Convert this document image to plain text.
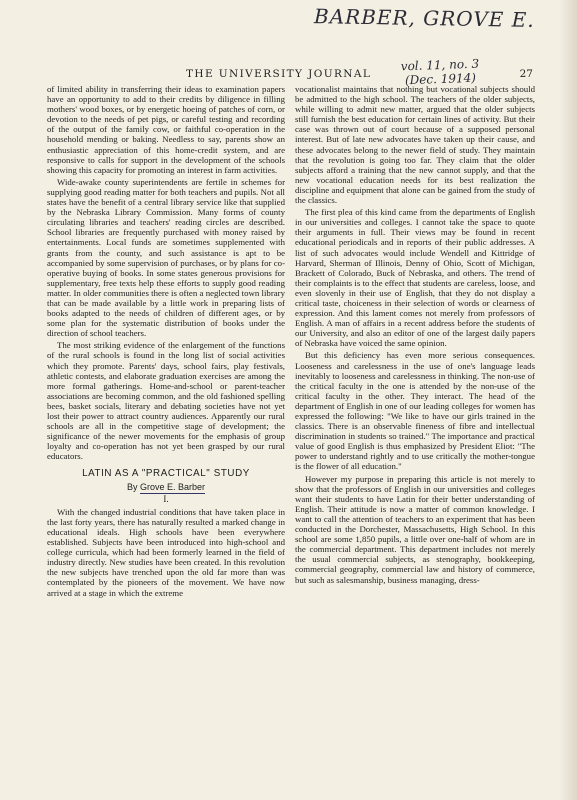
BARBER, GROVE E.
vol. 11, no. 3
(Dec. 1914)
THE UNIVERSITY JOURNAL	27

of limited ability in transferring their ideas to examination papers have an opportunity to add to their credits by diligence in filling mothers' wood boxes, or by energetic hoeing of patches of corn, or devotion to the needs of pet pigs, or careful testing and recording of the output of the family cow, or faithful co-operation in the household mending or baking. Needless to say, parents show an enthusiastic appreciation of this home-credit system, and are responsive to calls for support in the development of the schools showing this capacity for promoting an interest in farm activities.

Wide-awake county superintendents are fertile in schemes for supplying good reading matter for both teachers and pupils. Not all states have the benefit of a central library service like that supplied by the Nebraska Library Commission. Many forms of county circulating libraries and teachers' reading circles are described. School libraries are frequently purchased with money raised by entertainments. Local funds are sometimes supplemented with grants from the county, and such assistance is apt to be accompanied by some supervision of purchases, or by plans for co-operative buying of books. In some states generous provisions for supplementary, free texts help these efforts to supply good reading matter. In older communities there is often a neglected town library that can be made available by a little work in preparing lists of books adapted to the needs of children of different ages, or by some plan for the systematic distribution of books under the direction of school teachers.

The most striking evidence of the enlargement of the functions of the rural schools is found in the long list of social activities which they promote. Parents' days, school fairs, play festivals, athletic contests, and elaborate graduation exercises are among the more formal gatherings. Home-and-school or parent-teacher associations are becoming common, and the old fashioned spelling bees, basket socials, literary and debating societies have not yet lost their power to attract country audiences. Apparently our rural schools are all in the competitive stage of development; the significance of the newer movements for the emphasis of group loyalty and co-operation has not yet been grasped by our rural educators.

LATIN AS A "PRACTICAL" STUDY
By Grove E. Barber
I.

With the changed industrial conditions that have taken place in the last forty years, there has naturally resulted a marked change in educational ideals. High schools have been everywhere established. Subjects have been introduced into high-school and college curricula, which had been formerly learned in the field of industry directly. New studies have been created. In this revolution the new subjects have trenched upon the old far more than was contemplated by the pioneers of the movement. We have now arrived at a stage in which the extreme

vocationalist maintains that nothing but vocational subjects should be admitted to the high school. The teachers of the older subjects, while willing to admit new matter, argued that the older subjects still furnish the best education for certain lines of activity. But their case was thrown out of court because of a supposed personal interest. But of late new advocates have taken up their cause, and these advocates belong to the newer field of study. They maintain that the revolution is going too far. They claim that the older subjects afford a training that the new cannot supply, and that the new vocational education needs for its best realization the discipline and equipment that alone can be gained from the study of the classics.

The first plea of this kind came from the departments of English in our universities and colleges. I cannot take the space to quote their arguments in full. Their views may be found in recent educational periodicals and in reports of their public addresses. A list of such advocates would include Wendell and Kittridge of Harvard, Sherman of Illinois, Denny of Ohio, Scott of Michigan, Brackett of Colorado, Buck of Nebraska, and others. The trend of their complaints is to the effect that students are careless, loose, and even slovenly in their use of English, that they do not display a critical taste, choiceness in their selection of words or clearness of expression. And this lament comes not merely from professors of English. A man of affairs in a recent address before the students of our University, and also an editor of one of the largest daily papers of Nebraska have voiced the same opinion.

But this deficiency has even more serious consequences. Looseness and carelessness in the use of one's language leads inevitably to looseness and carelessness in thinking. The non-use of the critical faculty in the one is attended by the non-use of the critical faculty in the other. They interact. The head of the department of English in one of our leading colleges for women has expressed the following: "We like to have our girls trained in the classics. There is an observable fineness of fibre and intellectual discrimination in students so trained." The importance and practical value of good English is thus emphasized by President Eliot: "The power to understand rightly and to use critically the mother-tongue is the flower of all education."

However my purpose in preparing this article is not merely to show that the professors of English in our universities and colleges want their students to have Latin for their better understanding of English. Their attitude is now a matter of common knowledge. I want to call the attention of teachers to an experiment that has been conducted in the Dorchester, Massachusetts, High School. In this school are some 1,850 pupils, a little over one-half of whom are in the commercial department. This department includes not merely the usual commercial subjects, as stenography, bookkeeping, commercial geography, commercial law and history of commerce, but such as salesmanship, business managing, dress-
